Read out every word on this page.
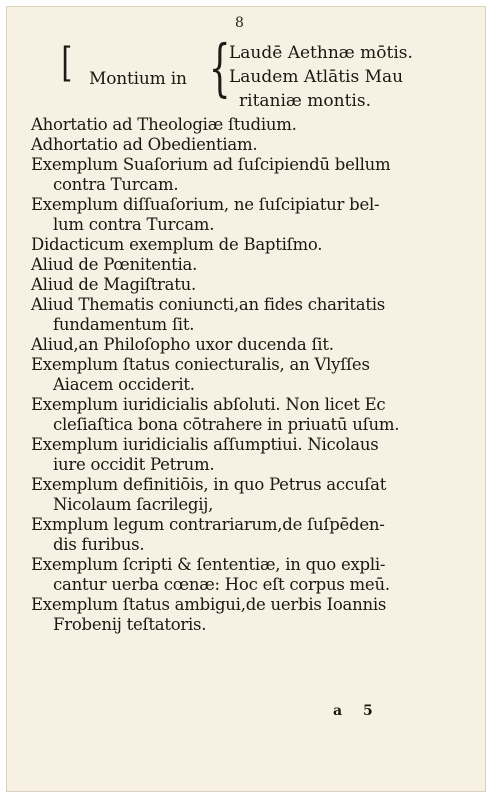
8
[ Montium in {
Laudē Aethnæ mōtis.
Laudem Atlātis Mau
ritaniæ montis.
Ahortatio ad Theologiæ ſtudium.
Adhortatio ad Obedientiam.
Exemplum Suaſorium ad ſuſcipiendū bellum
contra Turcam.
Exemplum diſſuaſorium, ne ſuſcipiatur bel-
lum contra Turcam.
Didacticum exemplum de Baptiſmo.
Aliud de Pœnitentia.
Aliud de Magiſtratu.
Aliud Thematis coniuncti,an fides charitatis
fundamentum ſit.
Aliud,an Philoſopho uxor ducenda ſit.
Exemplum ſtatus coniecturalis, an Vlyſſes
Aiacem occiderit.
Exemplum iuridicialis abſoluti. Non licet Ec
cleſiaſtica bona cōtrahere in priuatū uſum.
Exemplum iuridicialis aſſumptiui. Nicolaus
iure occidit Petrum.
Exemplum definitiōis, in quo Petrus accuſat
Nicolaum ſacrilegij,
Exmplum legum contrariarum,de ſuſpēden-
dis furibus.
Exemplum ſcripti & ſententiæ, in quo expli-
cantur uerba cœnæ: Hoc eſt corpus meū.
Exemplum ſtatus ambigui,de uerbis Ioannis
Frobenij teſtatoris.
a 5
